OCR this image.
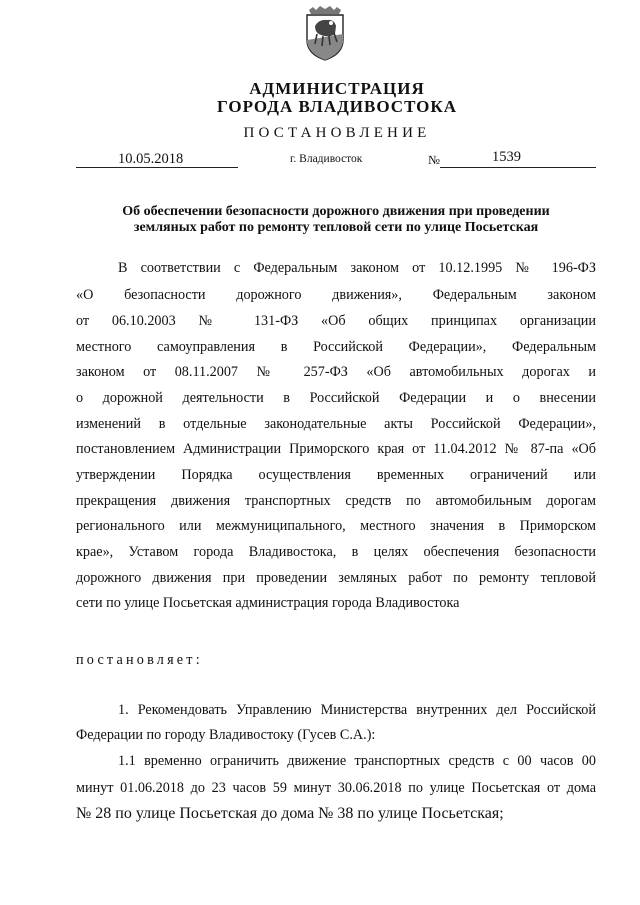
АДМИНИСТРАЦИЯ
ГОРОДА ВЛАДИВОСТОКА
ПОСТАНОВЛЕНИЕ
10.05.2018	г. Владивосток	№	1539
Об обеспечении безопасности дорожного движения при проведении
земляных работ по ремонту тепловой сети по улице Посьетская
В соответствии с Федеральным законом от 10.12.1995 № 196-ФЗ
«О безопасности дорожного движения», Федеральным законом
от 06.10.2003 № 131-ФЗ «Об общих принципах организации
местного самоуправления в Российской Федерации», Федеральным
законом от 08.11.2007 № 257-ФЗ «Об автомобильных дорогах и
о дорожной деятельности в Российской Федерации и о внесении
изменений в отдельные законодательные акты Российской Федерации»,
постановлением Администрации Приморского края от 11.04.2012 № 87-па «Об
утверждении Порядка осуществления временных ограничений или
прекращения движения транспортных средств по автомобильным дорогам
регионального или межмуниципального, местного значения в Приморском
крае», Уставом города Владивостока, в целях обеспечения безопасности
дорожного движения при проведении земляных работ по ремонту тепловой
сети по улице Посьетская администрация города Владивостока
постановляет:
1. Рекомендовать Управлению Министерства внутренних дел Российской
Федерации по городу Владивостоку (Гусев С.А.):
1.1 временно ограничить движение транспортных средств с 00 часов 00
минут 01.06.2018 до 23 часов 59 минут 30.06.2018 по улице Посьетская от дома
№ 28 по улице Посьетская до дома № 38 по улице Посьетская;
